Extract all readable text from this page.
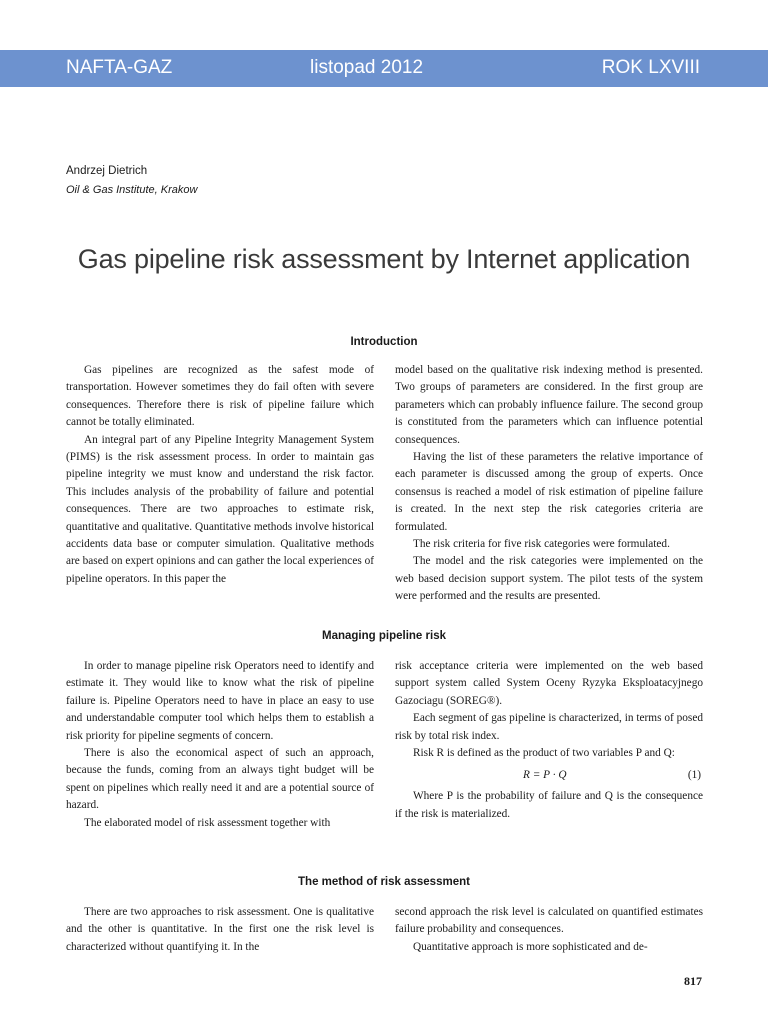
NAFTA-GAZ	listopad 2012	ROK LXVIII
Andrzej Dietrich
Oil & Gas Institute, Krakow
Gas pipeline risk assessment by Internet application
Introduction

Gas pipelines are recognized as the safest mode of transportation. However sometimes they do fail often with severe consequences. Therefore there is risk of pipeline failure which cannot be totally eliminated.

An integral part of any Pipeline Integrity Management System (PIMS) is the risk assessment process. In order to maintain gas pipeline integrity we must know and understand the risk factor. This includes analysis of the probability of failure and potential consequences. There are two approaches to estimate risk, quantitative and qualitative. Quantitative methods involve historical accidents data base or computer simulation. Qualitative methods are based on expert opinions and can gather the local experiences of pipeline operators. In this paper the

model based on the qualitative risk indexing method is presented. Two groups of parameters are considered. In the first group are parameters which can probably influence failure. The second group is constituted from the parameters which can influence potential consequences.

Having the list of these parameters the relative importance of each parameter is discussed among the group of experts. Once consensus is reached a model of risk estimation of pipeline failure is created. In the next step the risk categories criteria are formulated.

The risk criteria for five risk categories were formulated.

The model and the risk categories were implemented on the web based decision support system. The pilot tests of the system were performed and the results are presented.

Managing pipeline risk

In order to manage pipeline risk Operators need to identify and estimate it. They would like to know what the risk of pipeline failure is. Pipeline Operators need to have in place an easy to use and understandable computer tool which helps them to establish a risk priority for pipeline segments of concern.

There is also the economical aspect of such an approach, because the funds, coming from an always tight budget will be spent on pipelines which really need it and are a potential source of hazard.

The elaborated model of risk assessment together with

risk acceptance criteria were implemented on the web based support system called System Oceny Ryzyka Eksploatacyjnego Gazociagu (SOREG®).

Each segment of gas pipeline is characterized, in terms of posed risk by total risk index.

Risk R is defined as the product of two variables P and Q:

R = P · Q	(1)

Where P is the probability of failure and Q is the consequence if the risk is materialized.

The method of risk assessment

There are two approaches to risk assessment. One is qualitative and the other is quantitative. In the first one the risk level is characterized without quantifying it. In the

second approach the risk level is calculated on quantified estimates failure probability and consequences.

Quantitative approach is more sophisticated and de-

817
